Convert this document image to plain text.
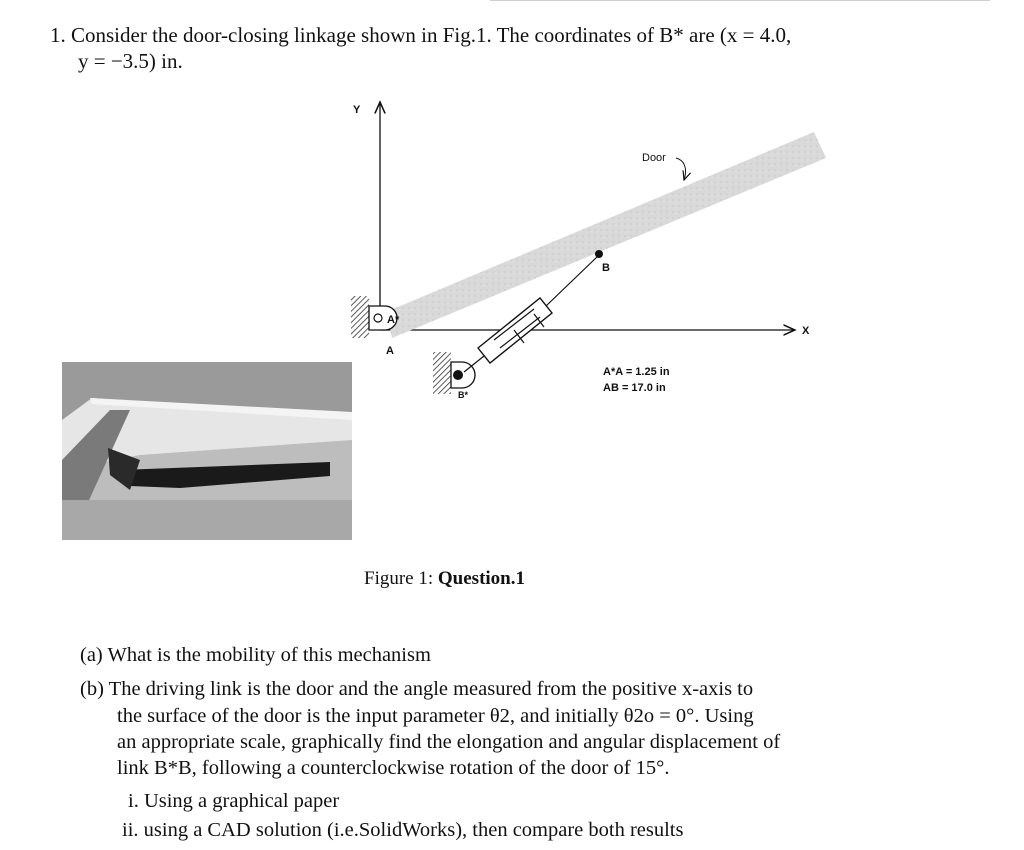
1. Consider the door-closing linkage shown in Fig.1. The coordinates of B* are (x = 4.0,
y = −3.5) in.
Y
X
Door
B
A*
A
B*
A*A = 1.25 in
AB = 17.0 in
Figure 1: Question.1
(a) What is the mobility of this mechanism
(b) The driving link is the door and the angle measured from the positive x-axis to
the surface of the door is the input parameter θ2, and initially θ2o = 0°. Using
an appropriate scale, graphically find the elongation and angular displacement of
link B*B, following a counterclockwise rotation of the door of 15°.
i. Using a graphical paper
ii. using a CAD solution (i.e.SolidWorks), then compare both results
